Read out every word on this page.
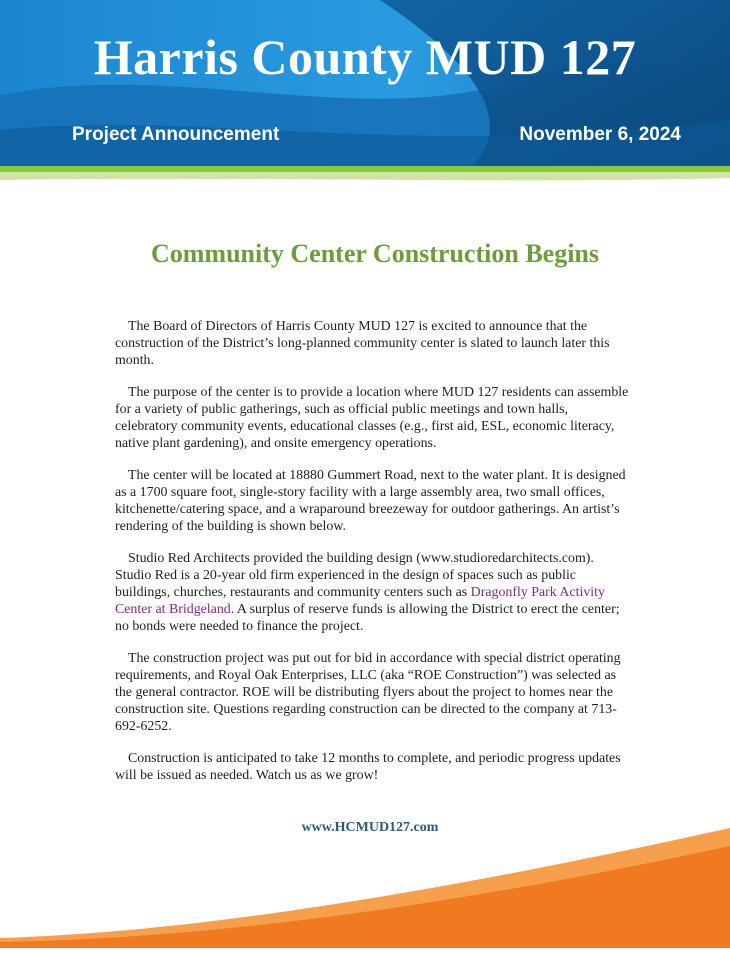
Harris County MUD 127
Project Announcement	November 6, 2024
Community Center Construction Begins

The Board of Directors of Harris County MUD 127 is excited to announce that the construction of the District’s long-planned community center is slated to launch later this month.

The purpose of the center is to provide a location where MUD 127 residents can assemble for a variety of public gatherings, such as official public meetings and town halls, celebratory community events, educational classes (e.g., first aid, ESL, economic literacy, native plant gardening), and onsite emergency operations.

The center will be located at 18880 Gummert Road, next to the water plant. It is designed as a 1700 square foot, single-story facility with a large assembly area, two small offices, kitchenette/catering space, and a wraparound breezeway for outdoor gatherings. An artist’s rendering of the building is shown below.

Studio Red Architects provided the building design (www.studioredarchitects.com). Studio Red is a 20-year old firm experienced in the design of spaces such as public buildings, churches, restaurants and community centers such as Dragonfly Park Activity Center at Bridgeland. A surplus of reserve funds is allowing the District to erect the center; no bonds were needed to finance the project.

The construction project was put out for bid in accordance with special district operating requirements, and Royal Oak Enterprises, LLC (aka “ROE Construction”) was selected as the general contractor. ROE will be distributing flyers about the project to homes near the construction site. Questions regarding construction can be directed to the company at 713-692-6252.

Construction is anticipated to take 12 months to complete, and periodic progress updates will be issued as needed. Watch us as we grow!

www.HCMUD127.com
